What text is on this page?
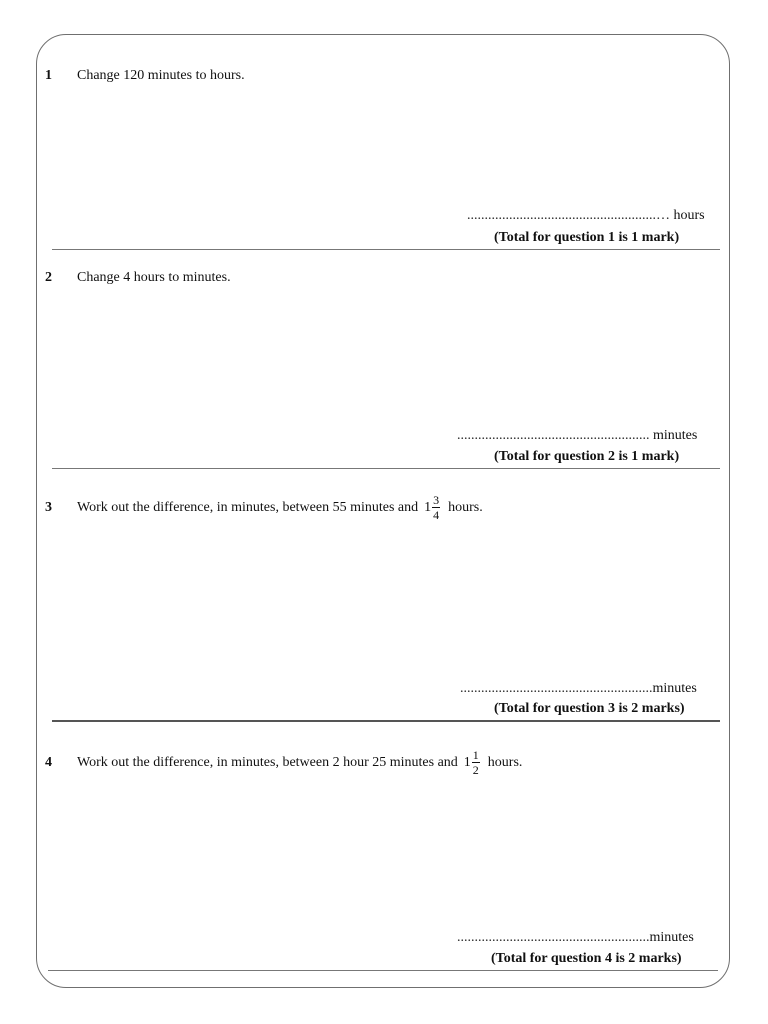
1 Change 120 minutes to hours.
......................................................… hours
(Total for question 1 is 1 mark)
2 Change 4 hours to minutes.
....................................................... minutes
(Total for question 2 is 1 mark)
3 Work out the difference, in minutes, between 55 minutes and $1 \frac{3}{4}$ hours.
.......................................................minutes
(Total for question 3 is 2 marks)
4 Work out the difference, in minutes, between 2 hour 25 minutes and $1 \frac{1}{2}$ hours.
.......................................................minutes
(Total for question 4 is 2 marks)
